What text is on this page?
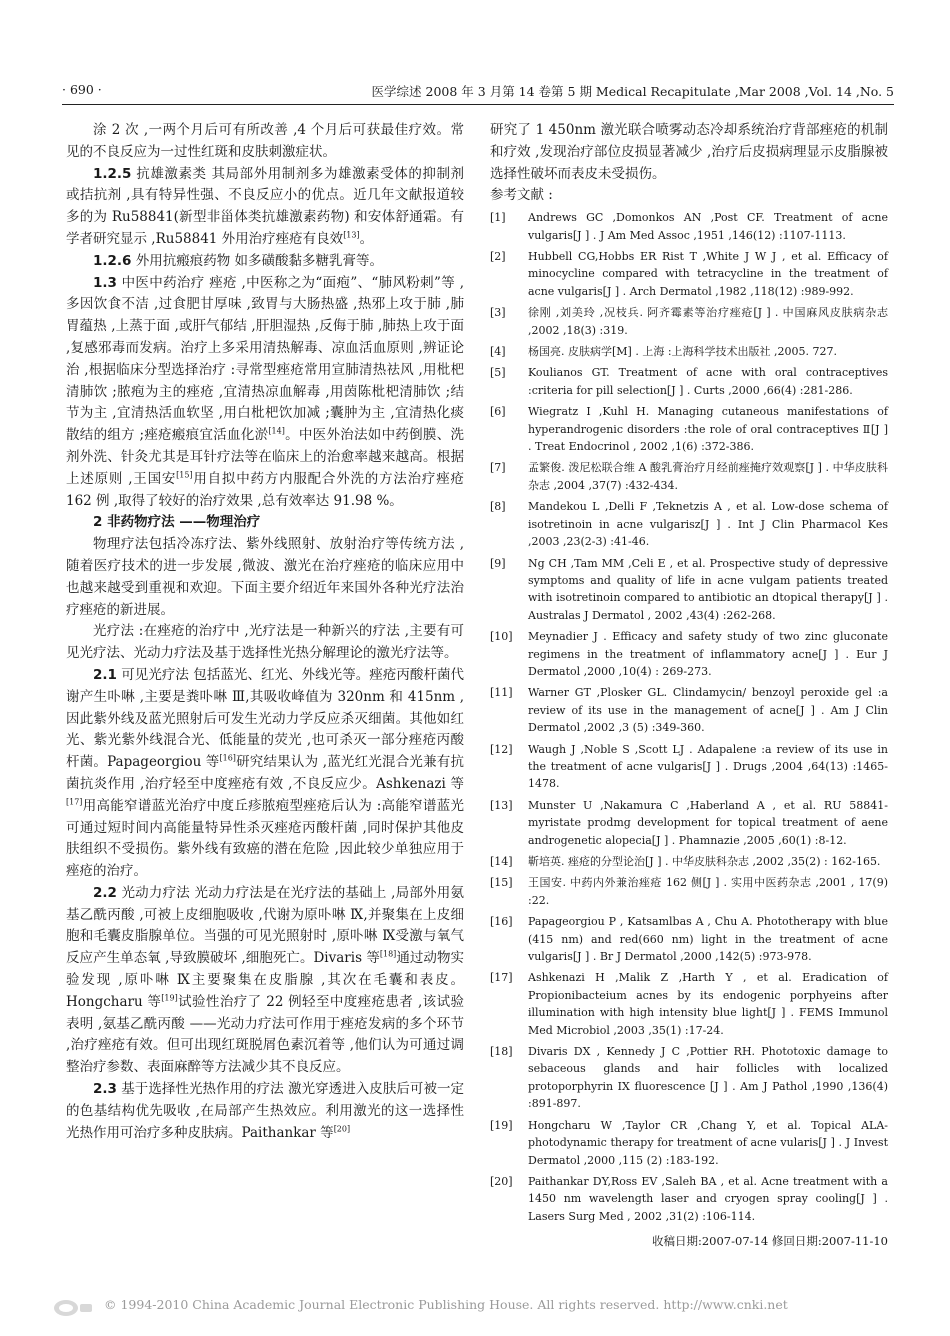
· 690 ·	医学综述 2008 年 3 月第 14 卷第 5 期 Medical Recapitulate ,Mar 2008 ,Vol. 14 ,No. 5

涂 2 次 ,一两个月后可有所改善 ,4 个月后可获最佳疗效。常见的不良反应为一过性红斑和皮肤刺激症状。

1.2.5 抗雄激素类 其局部外用制剂多为雄激素受体的抑制剂或拮抗剂 ,具有特异性强、不良反应小的优点。近几年文献报道较多的为 Ru58841(新型非甾体类抗雄激素药物) 和安体舒通霜。有学者研究显示 ,Ru58841 外用治疗痤疮有良效[13]。

1.2.6 外用抗瘢痕药物 如多磺酸黏多糖乳膏等。

1.3 中医中药治疗 痤疮 ,中医称之为“面疱”、“肺风粉刺”等 ,多因饮食不洁 ,过食肥甘厚味 ,致胃与大肠热盛 ,热邪上攻于肺 ,肺胃蕴热 ,上蒸于面 ,或肝气郁结 ,肝胆湿热 ,反侮于肺 ,肺热上攻于面 ,复感邪毒而发病。治疗上多采用清热解毒、凉血活血原则 ,辨证论治 ,根据临床分型选择治疗 :寻常型痤疮常用宣肺清热祛风 ,用枇杷清肺饮 ;脓疱为主的痤疮 ,宜清热凉血解毒 ,用茵陈枇杷清肺饮 ;结节为主 ,宜清热活血软坚 ,用白枇杷饮加减 ;囊肿为主 ,宜清热化痰散结的组方 ;痤疮瘢痕宜活血化淤[14]。中医外治法如中药倒膜、洗剂外洗、针灸尤其是耳针疗法等在临床上的治愈率越来越高。根据上述原则 ,王国安[15]用自拟中药方内服配合外洗的方法治疗痤疮 162 例 ,取得了较好的治疗效果 ,总有效率达 91.98 %。

2 非药物疗法 ——物理治疗

物理疗法包括冷冻疗法、紫外线照射、放射治疗等传统方法 ,随着医疗技术的进一步发展 ,微波、激光在治疗痤疮的临床应用中也越来越受到重视和欢迎。下面主要介绍近年来国外各种光疗法治疗痤疮的新进展。

光疗法 :在痤疮的治疗中 ,光疗法是一种新兴的疗法 ,主要有可见光疗法、光动力疗法及基于选择性光热分解理论的激光疗法等。

2.1 可见光疗法 包括蓝光、红光、外线光等。痤疮丙酸杆菌代谢产生卟啉 ,主要是粪卟啉 Ⅲ,其吸收峰值为 320nm 和 415nm ,因此紫外线及蓝光照射后可发生光动力学反应杀灭细菌。其他如红光、紫光紫外线混合光、低能量的荧光 ,也可杀灭一部分痤疮丙酸杆菌。Papageorgiou 等[16]研究结果认为 ,蓝光红光混合光兼有抗菌抗炎作用 ,治疗轻至中度痤疮有效 ,不良反应少。Ashkenazi 等[17]用高能窄谱蓝光治疗中度丘疹脓疱型痤疮后认为 :高能窄谱蓝光可通过短时间内高能量特异性杀灭痤疮丙酸杆菌 ,同时保护其他皮肤组织不受损伤。紫外线有致癌的潜在危险 ,因此较少单独应用于痤疮的治疗。

2.2 光动力疗法 光动力疗法是在光疗法的基础上 ,局部外用氨基乙酰丙酸 ,可被上皮细胞吸收 ,代谢为原卟啉 Ⅸ,并聚集在上皮细胞和毛囊皮脂腺单位。当强的可见光照射时 ,原卟啉 Ⅸ受激与氧气反应产生单态氧 ,导致膜破坏 ,细胞死亡。Divaris 等[18]通过动物实验发现 ,原卟啉 Ⅸ主要聚集在皮脂腺 ,其次在毛囊和表皮。Hongcharu 等[19]试验性治疗了 22 例轻至中度痤疮患者 ,该试验表明 ,氨基乙酰丙酸 ——光动力疗法可作用于痤疮发病的多个环节 ,治疗痤疮有效。但可出现红斑脱屑色素沉着等 ,他们认为可通过调整治疗参数、表面麻醉等方法减少其不良反应。

2.3 基于选择性光热作用的疗法 激光穿透进入皮肤后可被一定的色基结构优先吸收 ,在局部产生热效应。利用激光的这一选择性光热作用可治疗多种皮肤病。Paithankar 等[20]

研究了 1 450nm 激光联合喷雾动态冷却系统治疗背部痤疮的机制和疗效 ,发现治疗部位皮损显著减少 ,治疗后皮损病理显示皮脂腺被选择性破坏而表皮未受损伤。

参考文献 :

[1]	Andrews GC ,Domonkos AN ,Post CF. Treatment of acne vulgaris[J ] . J Am Med Assoc ,1951 ,146(12) :1107-1113.
[2]	Hubbell CG,Hobbs ER Rist T ,White J W J , et al. Efficacy of minocycline compared with tetracycline in the treatment of acne vulgaris[J ] . Arch Dermatol ,1982 ,118(12) :989-992.
[3]	徐刚 ,刘美玲 ,况枝兵. 阿齐霉素等治疗痤疮[J ] . 中国麻风皮肤病杂志 ,2002 ,18(3) :319.
[4]	杨国亮. 皮肤病学[M] . 上海 :上海科学技术出版社 ,2005. 727.
[5]	Koulianos GT. Treatment of acne with oral contraceptives :criteria for pill selection[J ] . Curts ,2000 ,66(4) :281-286.
[6]	Wiegratz I ,Kuhl H. Managing cutaneous manifestations of hyperandrogenic disorders :the role of oral contraceptives Ⅱ[J ] . Treat Endocrinol , 2002 ,1(6) :372-386.
[7]	孟繁俊. 泼尼松联合维 A 酸乳膏治疗月经前痤掩疗效观察[J ] . 中华皮肤科杂志 ,2004 ,37(7) :432-434.
[8]	Mandekou L ,Delli F ,Teknetzis A , et al. Low-dose schema of isotretinoin in acne vulgarisz[J ] . Int J Clin Pharmacol Kes ,2003 ,23(2-3) :41-46.
[9]	Ng CH ,Tam MM ,Celi E , et al. Prospective study of depressive symptoms and quality of life in acne vulgam patients treated with isotretinoin compared to antibiotic an dtopical therapy[J ] . Australas J Dermatol , 2002 ,43(4) :262-268.
[10]	Meynadier J . Efficacy and safety study of two zinc gluconate regimens in the treatment of inflammatory acne[J ] . Eur J Dermatol ,2000 ,10(4) : 269-273.
[11]	Warner GT ,Plosker GL. Clindamycin/ benzoyl peroxide gel :a review of its use in the management of acne[J ] . Am J Clin Dermatol ,2002 ,3 (5) :349-360.
[12]	Waugh J ,Noble S ,Scott LJ . Adapalene :a review of its use in the treatment of acne vulgaris[J ] . Drugs ,2004 ,64(13) :1465-1478.
[13]	Munster U ,Nakamura C ,Haberland A , et al. RU 58841-myristate prodmg development for topical treatment of aene androgenetic alopecia[J ] . Phamnazie ,2005 ,60(1) :8-12.
[14]	靳培英. 痤疮的分型论治[J ] . 中华皮肤科杂志 ,2002 ,35(2) : 162-165.
[15]	王国安. 中药内外兼治痤疮 162 侧[J ] . 实用中医药杂志 ,2001 , 17(9) :22.
[16]	Papageorgiou P , Katsamlbas A , Chu A. Phototherapy with blue (415 nm) and red(660 nm) light in the treatment of acne vulgaris[J ] . Br J Dermatol ,2000 ,142(5) :973-978.
[17]	Ashkenazi H ,Malik Z ,Harth Y , et al. Eradication of Propionibacteium acnes by its endogenic porphyeins after illumination with high intensity blue light[J ] . FEMS Immunol Med Microbiol ,2003 ,35(1) :17-24.
[18]	Divaris DX , Kennedy J C ,Pottier RH. Phototoxic damage to sebaceous glands and hair follicles with localized protoporphyrin IX fluorescence [J ] . Am J Pathol ,1990 ,136(4) :891-897.
[19]	Hongcharu W ,Taylor CR ,Chang Y, et al. Topical ALA-photodynamic therapy for treatment of acne vularis[J ] . J Invest Dermatol ,2000 ,115 (2) :183-192.
[20]	Paithankar DY,Ross EV ,Saleh BA , et al. Acne treatment with a 1450 nm wavelength laser and cryogen spray cooling[J ] . Lasers Surg Med , 2002 ,31(2) :106-114.
收稿日期:2007-07-14 修回日期:2007-11-10
© 1994-2010 China Academic Journal Electronic Publishing House. All rights reserved. http://www.cnki.net
